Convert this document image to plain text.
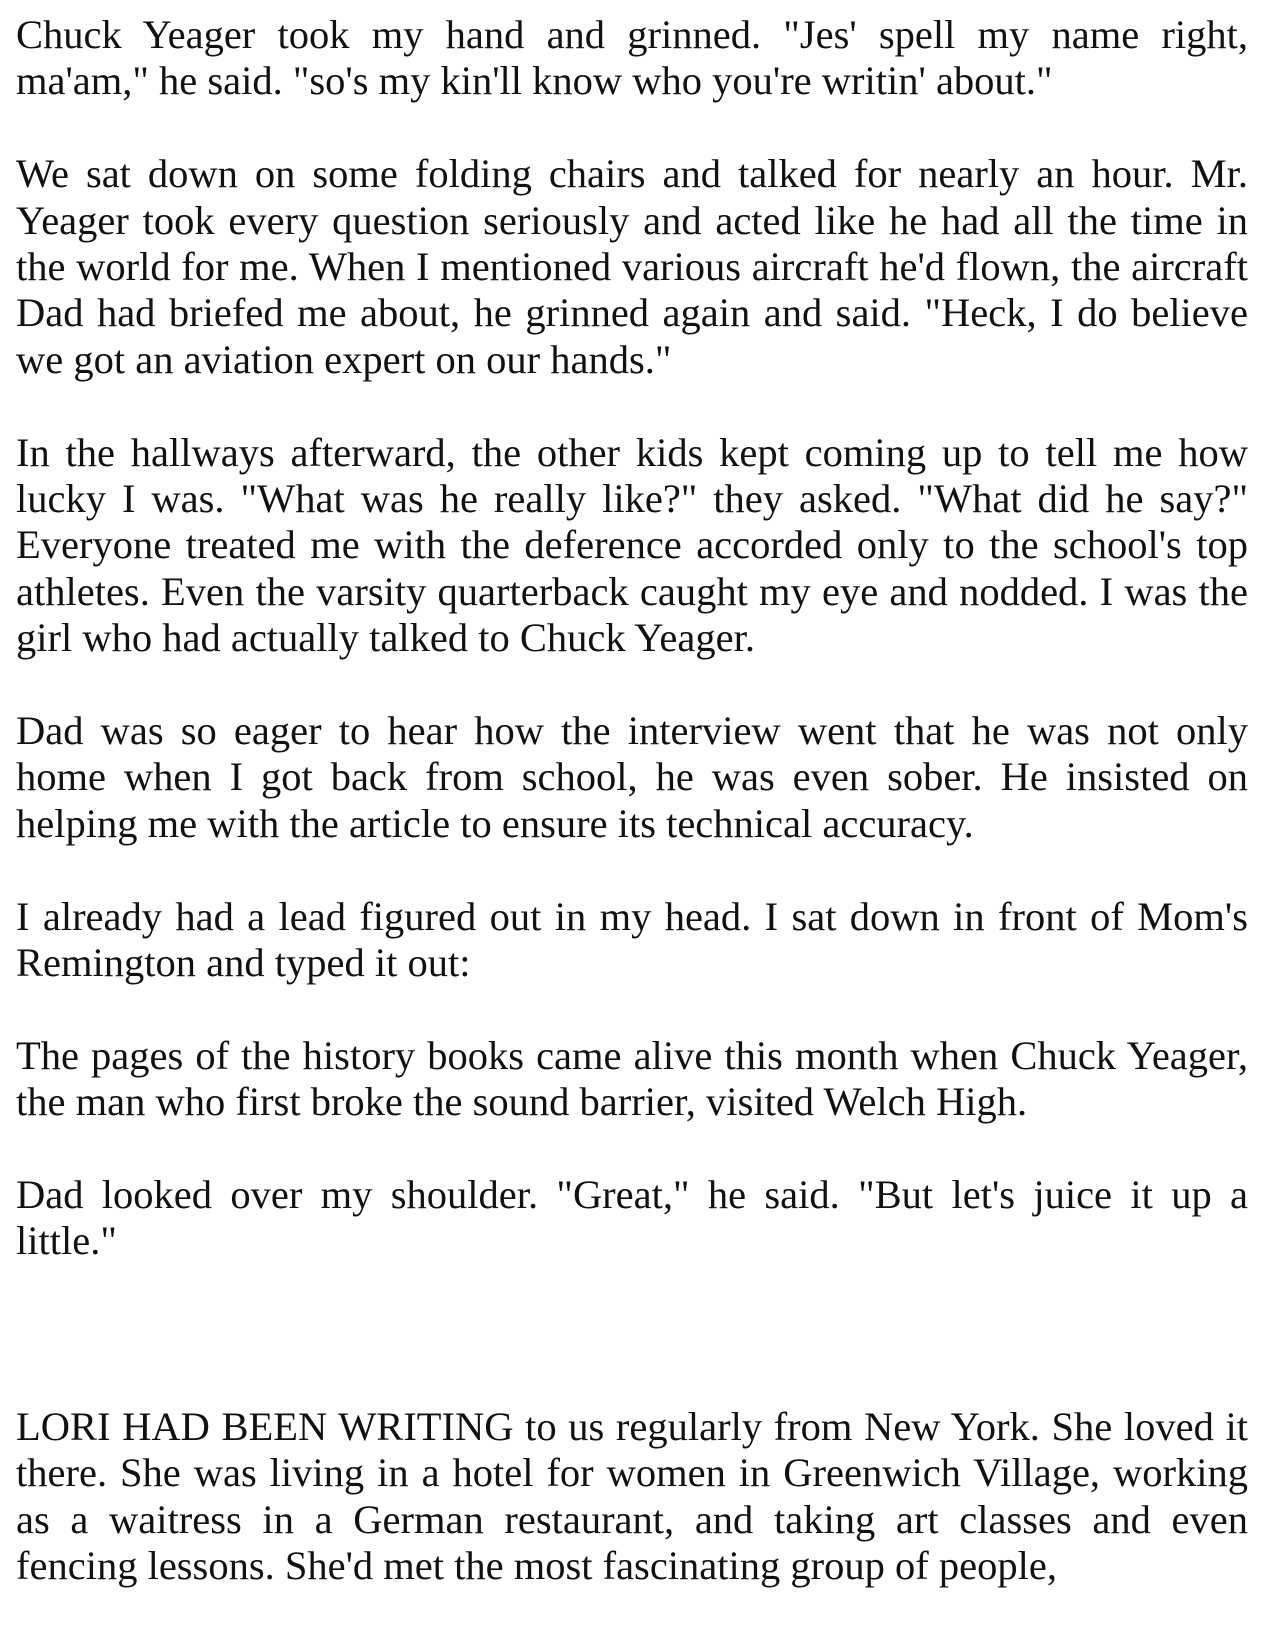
Chuck Yeager took my hand and grinned. "Jes' spell my name right, ma'am," he said. "so's my kin'll know who you're writin' about."

We sat down on some folding chairs and talked for nearly an hour. Mr. Yeager took every question seriously and acted like he had all the time in the world for me. When I mentioned various aircraft he'd flown, the aircraft Dad had briefed me about, he grinned again and said. "Heck, I do believe we got an aviation expert on our hands."

In the hallways afterward, the other kids kept coming up to tell me how lucky I was. "What was he really like?" they asked. "What did he say?" Everyone treated me with the deference accorded only to the school's top athletes. Even the varsity quarterback caught my eye and nodded. I was the girl who had actually talked to Chuck Yeager.

Dad was so eager to hear how the interview went that he was not only home when I got back from school, he was even sober. He insisted on helping me with the article to ensure its technical accuracy.

I already had a lead figured out in my head. I sat down in front of Mom's Remington and typed it out:

The pages of the history books came alive this month when Chuck Yeager, the man who first broke the sound barrier, visited Welch High.

Dad looked over my shoulder. "Great," he said. "But let's juice it up a little."

LORI HAD BEEN WRITING to us regularly from New York. She loved it there. She was living in a hotel for women in Greenwich Village, working as a waitress in a German restaurant, and taking art classes and even fencing lessons. She'd met the most fascinating group of people,
